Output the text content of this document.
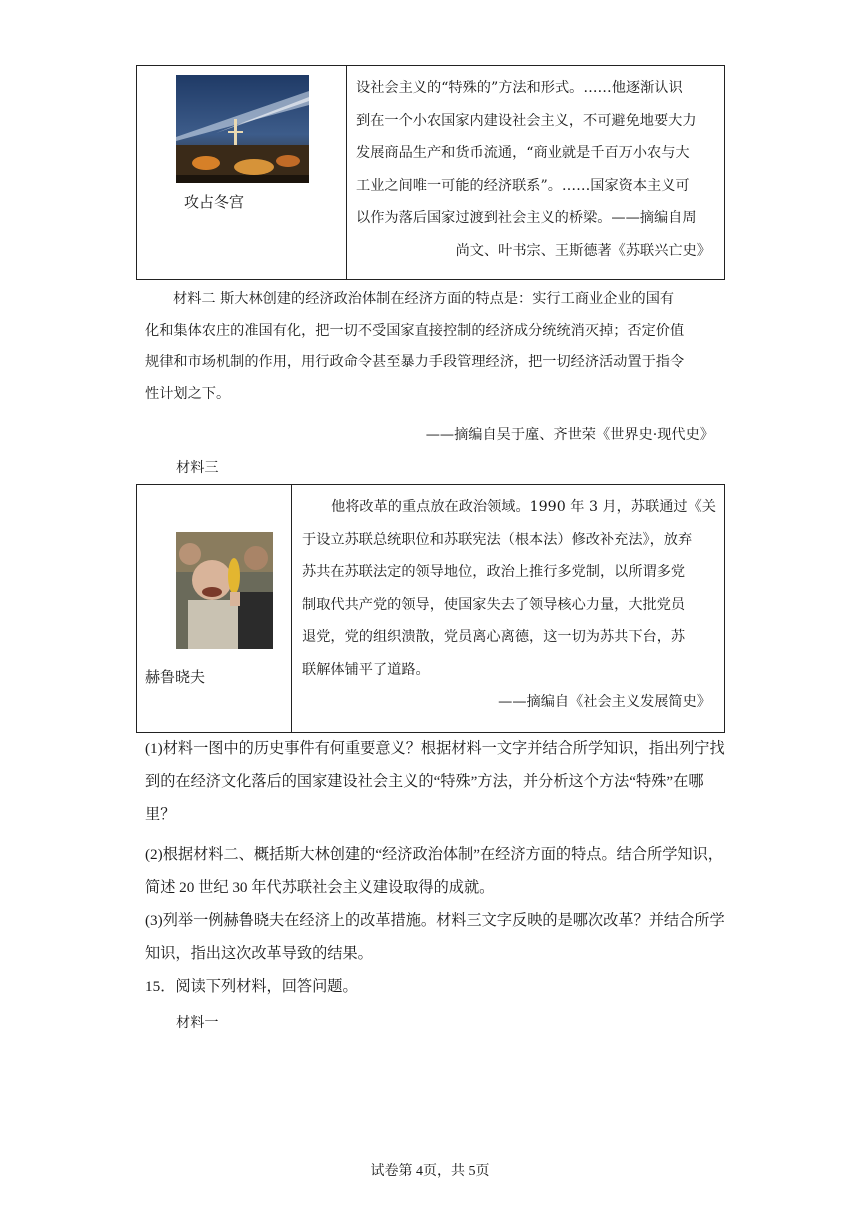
攻占冬宫
设社会主义的“特殊的”方法和形式。……他逐渐认识
到在一个小农国家内建设社会主义，不可避免地要大力
发展商品生产和货币流通，“商业就是千百万小农与大
工业之间唯一可能的经济联系”。……国家资本主义可
以作为落后国家过渡到社会主义的桥梁。——摘编自周
尚文、叶书宗、王斯德著《苏联兴亡史》
材料二 斯大林创建的经济政治体制在经济方面的特点是：实行工商业企业的国有
化和集体农庄的准国有化，把一切不受国家直接控制的经济成分统统消灭掉；否定价值
规律和市场机制的作用，用行政命令甚至暴力手段管理经济，把一切经济活动置于指令
性计划之下。
——摘编自吴于廑、齐世荣《世界史·现代史》
材料三
赫鲁晓夫
他将改革的重点放在政治领域。1990 年 3 月，苏联通过《关
于设立苏联总统职位和苏联宪法（根本法）修改补充法》，放弃
苏共在苏联法定的领导地位，政治上推行多党制，以所谓多党
制取代共产党的领导，使国家失去了领导核心力量，大批党员
退党，党的组织溃散，党员离心离德，这一切为苏共下台，苏
联解体铺平了道路。
——摘编自《社会主义发展简史》
(1)材料一图中的历史事件有何重要意义？根据材料一文字并结合所学知识，指出列宁找
到的在经济文化落后的国家建设社会主义的“特殊”方法，并分析这个方法“特殊”在哪
里？
(2)根据材料二、概括斯大林创建的“经济政治体制”在经济方面的特点。结合所学知识，
简述 20 世纪 30 年代苏联社会主义建设取得的成就。
(3)列举一例赫鲁晓夫在经济上的改革措施。材料三文字反映的是哪次改革？并结合所学
知识，指出这次改革导致的结果。
15．阅读下列材料，回答问题。
材料一
试卷第 4页，共 5页
